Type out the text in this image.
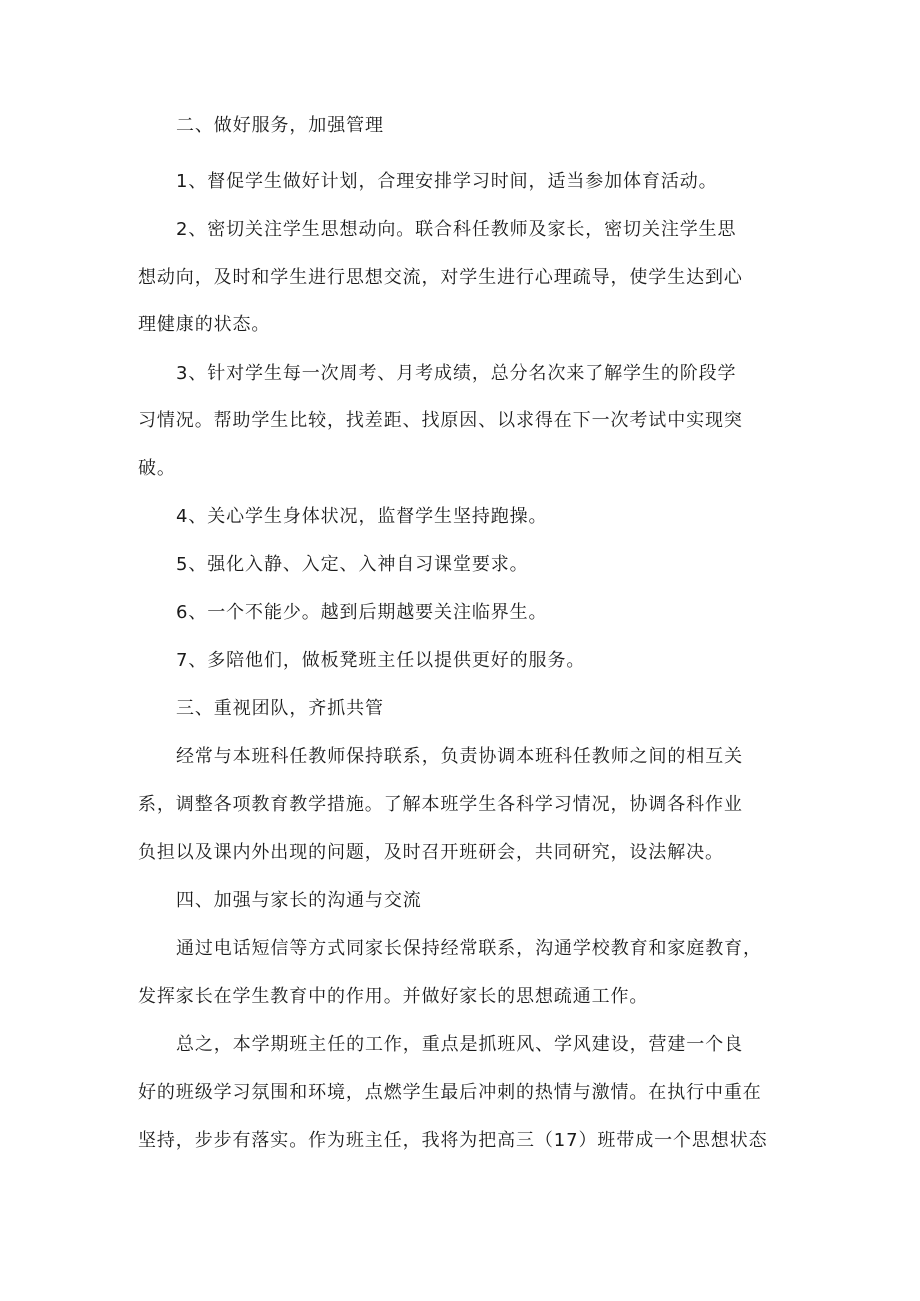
二、做好服务，加强管理
1、督促学生做好计划，合理安排学习时间，适当参加体育活动。
2、密切关注学生思想动向。联合科任教师及家长，密切关注学生思
想动向，及时和学生进行思想交流，对学生进行心理疏导，使学生达到心
理健康的状态。
3、针对学生每一次周考、月考成绩，总分名次来了解学生的阶段学
习情况。帮助学生比较，找差距、找原因、以求得在下一次考试中实现突
破。
4、关心学生身体状况，监督学生坚持跑操。
5、强化入静、入定、入神自习课堂要求。
6、一个不能少。越到后期越要关注临界生。
7、多陪他们，做板凳班主任以提供更好的服务。
三、重视团队，齐抓共管
经常与本班科任教师保持联系，负责协调本班科任教师之间的相互关
系，调整各项教育教学措施。了解本班学生各科学习情况，协调各科作业
负担以及课内外出现的问题，及时召开班研会，共同研究，设法解决。
四、加强与家长的沟通与交流
通过电话短信等方式同家长保持经常联系，沟通学校教育和家庭教育，
发挥家长在学生教育中的作用。并做好家长的思想疏通工作。
总之，本学期班主任的工作，重点是抓班风、学风建设，营建一个良
好的班级学习氛围和环境，点燃学生最后冲刺的热情与激情。在执行中重在
坚持，步步有落实。作为班主任，我将为把高三（17）班带成一个思想状态
